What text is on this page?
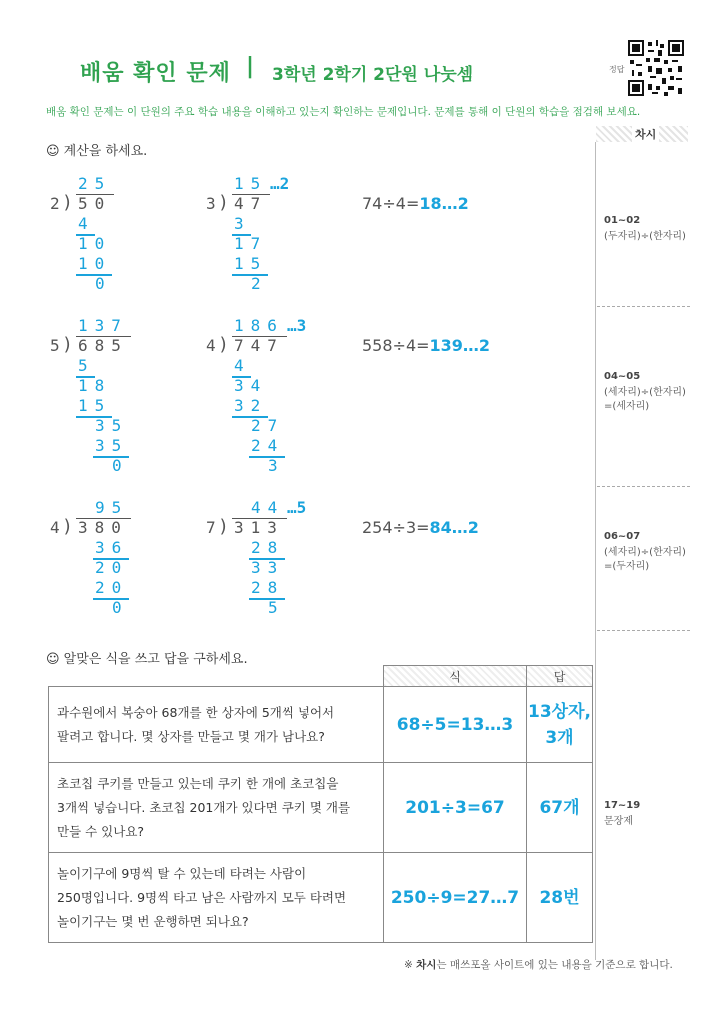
배움 확인 문제 | 3학년 2학기 2단원 나눗셈	정답
배움 확인 문제는 이 단원의 주요 학습 내용을 이해하고 있는지 확인하는 문제입니다. 문제를 통해 이 단원의 학습을 점검해 보세요.
차시
01~02
(두자리)÷(한자리)
04~05
(세자리)÷(한자리)
=(세자리)
06~07
(세자리)÷(한자리)
=(두자리)
17~19
문장제
☺ 계산을 하세요.
25
2 ) 50
4
10
10
0
15 …2
3 ) 47
3
17
15
2
137
5 ) 685
5
18
15
35
35
0
186 …3
4 ) 747
4
34
32
27
24
3
95
4 ) 380
36
20
20
0
44 …5
7 ) 313
28
33
28
5
74÷4=18…2
558÷4=139…2
254÷3=84…2
☺ 알맞은 식을 쓰고 답을 구하세요.
	식	답
과수원에서 복숭아 68개를 한 상자에 5개씩 넣어서
팔려고 합니다. 몇 상자를 만들고 몇 개가 남나요?	68÷5=13…3	13상자,
3개
초코칩 쿠키를 만들고 있는데 쿠키 한 개에 초코칩을
3개씩 넣습니다. 초코칩 201개가 있다면 쿠키 몇 개를
만들 수 있나요?	201÷3=67	67개
놀이기구에 9명씩 탈 수 있는데 타려는 사람이
250명입니다. 9명씩 타고 남은 사람까지 모두 타려면
놀이기구는 몇 번 운행하면 되나요?	250÷9=27…7	28번
※ 차시는 매쓰포올 사이트에 있는 내용을 기준으로 합니다.
